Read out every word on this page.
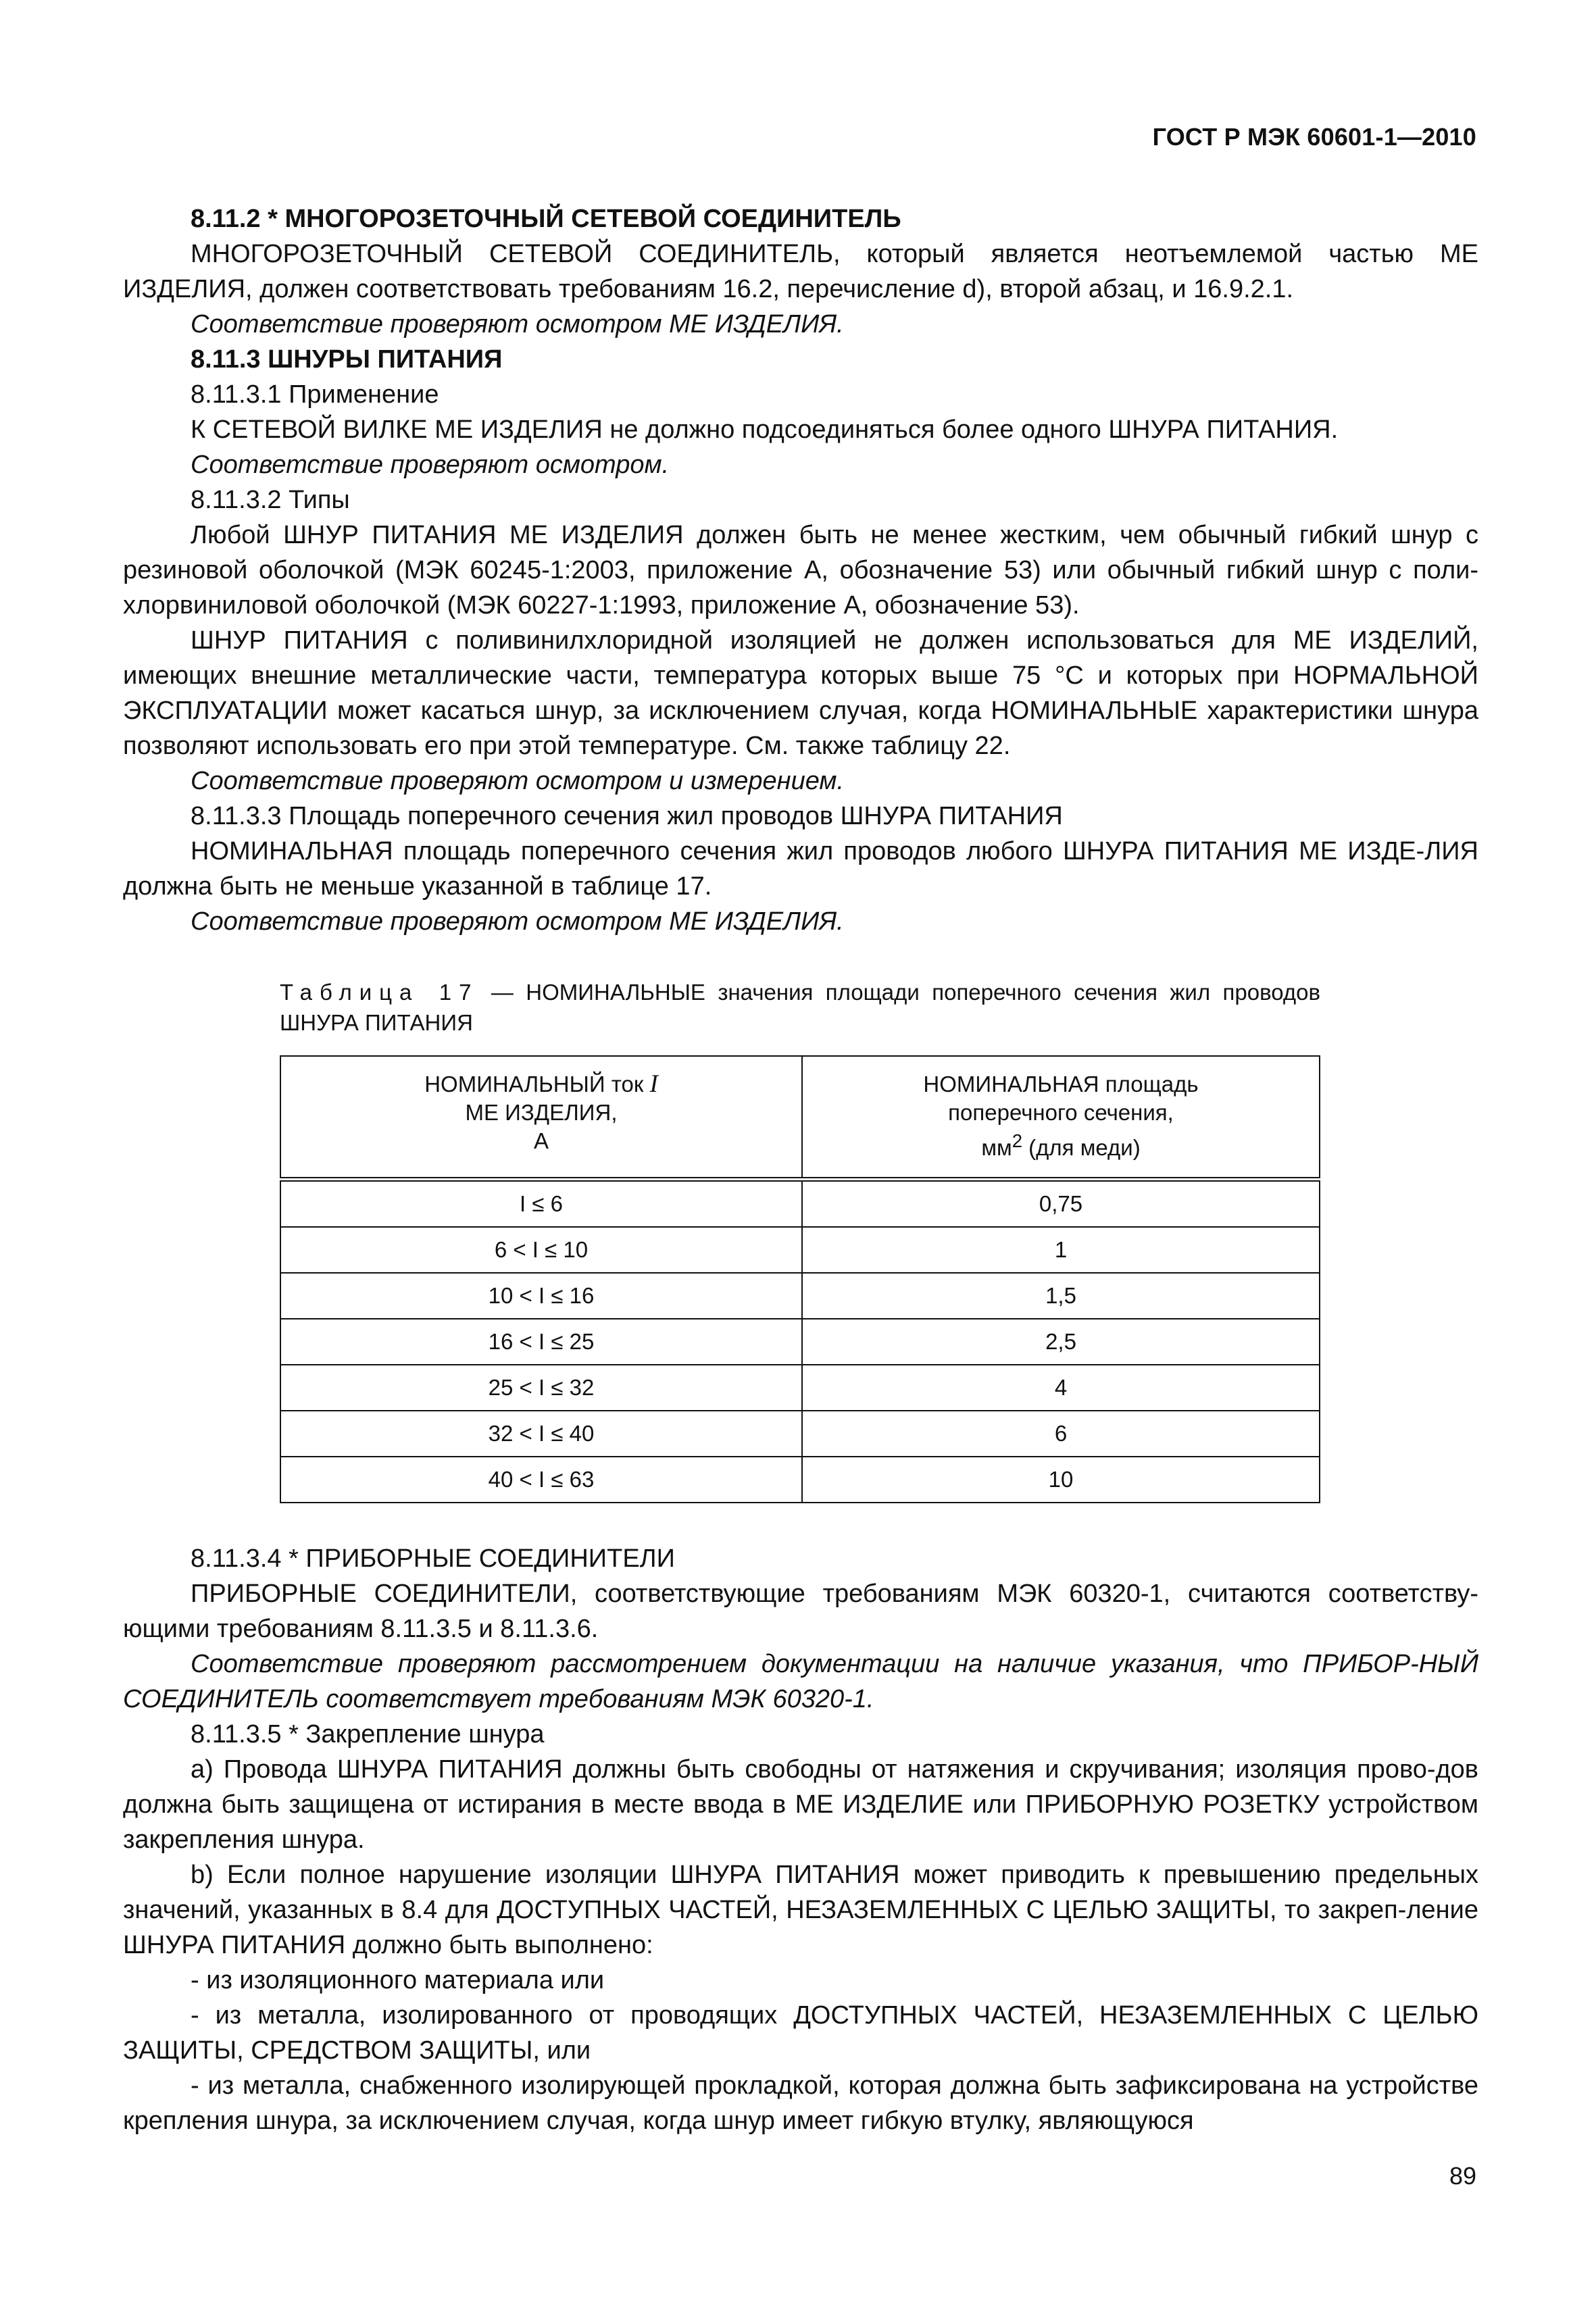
ГОСТ Р МЭК 60601-1—2010

8.11.2 * МНОГОРОЗЕТОЧНЫЙ СЕТЕВОЙ СОЕДИНИТЕЛЬ

МНОГОРОЗЕТОЧНЫЙ СЕТЕВОЙ СОЕДИНИТЕЛЬ, который является неотъемлемой частью МЕ ИЗДЕЛИЯ, должен соответствовать требованиям 16.2, перечисление d), второй абзац, и 16.9.2.1.

Соответствие проверяют осмотром МЕ ИЗДЕЛИЯ.

8.11.3 ШНУРЫ ПИТАНИЯ

8.11.3.1 Применение

К СЕТЕВОЙ ВИЛКЕ МЕ ИЗДЕЛИЯ не должно подсоединяться более одного ШНУРА ПИТАНИЯ.

Соответствие проверяют осмотром.

8.11.3.2 Типы

Любой ШНУР ПИТАНИЯ МЕ ИЗДЕЛИЯ должен быть не менее жестким, чем обычный гибкий шнур с резиновой оболочкой (МЭК 60245-1:2003, приложение А, обозначение 53) или обычный гибкий шнур с поли-хлорвиниловой оболочкой (МЭК 60227-1:1993, приложение А, обозначение 53).

ШНУР ПИТАНИЯ с поливинилхлоридной изоляцией не должен использоваться для МЕ ИЗДЕЛИЙ, имеющих внешние металлические части, температура которых выше 75 °С и которых при НОРМАЛЬНОЙ ЭКСПЛУАТАЦИИ может касаться шнур, за исключением случая, когда НОМИНАЛЬНЫЕ характеристики шнура позволяют использовать его при этой температуре. См. также таблицу 22.

Соответствие проверяют осмотром и измерением.

8.11.3.3 Площадь поперечного сечения жил проводов ШНУРА ПИТАНИЯ

НОМИНАЛЬНАЯ площадь поперечного сечения жил проводов любого ШНУРА ПИТАНИЯ МЕ ИЗДЕ-ЛИЯ должна быть не меньше указанной в таблице 17.

Соответствие проверяют осмотром МЕ ИЗДЕЛИЯ.

Таблица 17 — НОМИНАЛЬНЫЕ значения площади поперечного сечения жил проводов ШНУРА ПИТАНИЯ
НОМИНАЛЬНЫЙ ток I
МЕ ИЗДЕЛИЯ,
А	НОМИНАЛЬНАЯ площадь
поперечного сечения,
$мм^2$ (для меди)
I ≤ 6	0,75
6 < I ≤ 10	1
10 < I ≤ 16	1,5
16 < I ≤ 25	2,5
25 < I ≤ 32	4
32 < I ≤ 40	6
40 < I ≤ 63	10

8.11.3.4 * ПРИБОРНЫЕ СОЕДИНИТЕЛИ

ПРИБОРНЫЕ СОЕДИНИТЕЛИ, соответствующие требованиям МЭК 60320-1, считаются соответству-ющими требованиям 8.11.3.5 и 8.11.3.6.

Соответствие проверяют рассмотрением документации на наличие указания, что ПРИБОР-НЫЙ СОЕДИНИТЕЛЬ соответствует требованиям МЭК 60320-1.

8.11.3.5 * Закрепление шнура

а) Провода ШНУРА ПИТАНИЯ должны быть свободны от натяжения и скручивания; изоляция прово-дов должна быть защищена от истирания в месте ввода в МЕ ИЗДЕЛИЕ или ПРИБОРНУЮ РОЗЕТКУ устройством закрепления шнура.

b) Если полное нарушение изоляции ШНУРА ПИТАНИЯ может приводить к превышению предельных значений, указанных в 8.4 для ДОСТУПНЫХ ЧАСТЕЙ, НЕЗАЗЕМЛЕННЫХ С ЦЕЛЬЮ ЗАЩИТЫ, то закреп-ление ШНУРА ПИТАНИЯ должно быть выполнено:

- из изоляционного материала или

- из металла, изолированного от проводящих ДОСТУПНЫХ ЧАСТЕЙ, НЕЗАЗЕМЛЕННЫХ С ЦЕЛЬЮ ЗАЩИТЫ, СРЕДСТВОМ ЗАЩИТЫ, или

- из металла, снабженного изолирующей прокладкой, которая должна быть зафиксирована на устройстве крепления шнура, за исключением случая, когда шнур имеет гибкую втулку, являющуюся

89
